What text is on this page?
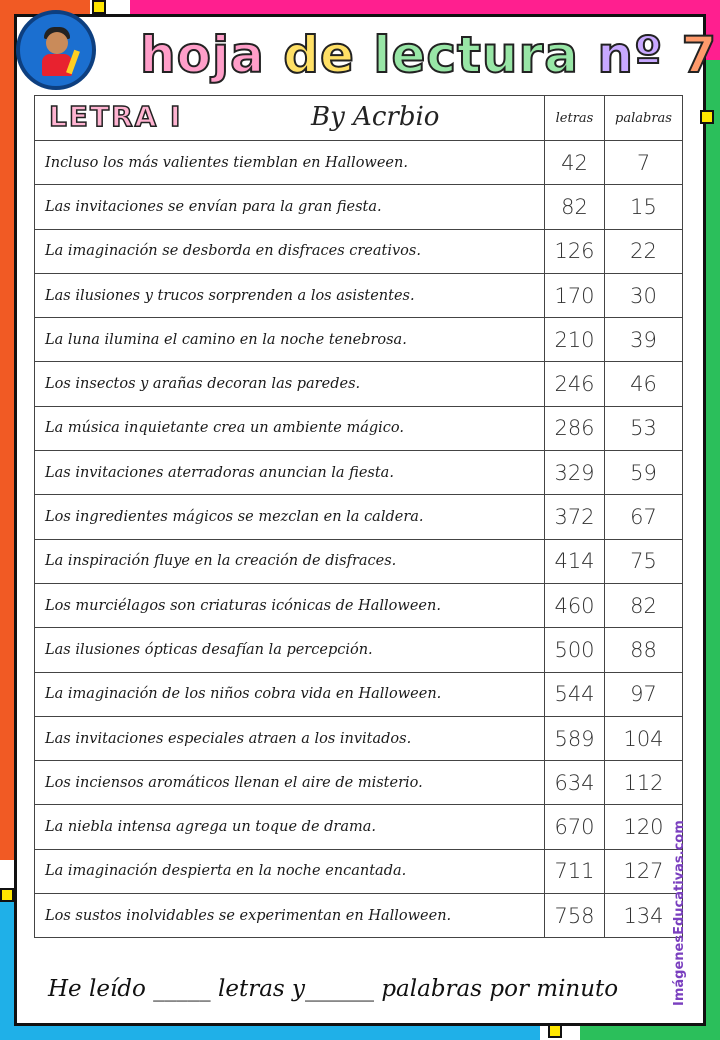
hoja de lectura nº 7
LETRA I By Acrbio	letras	palabras
Incluso los más valientes tiemblan en Halloween.	42	7
Las invitaciones se envían para la gran fiesta.	82	15
La imaginación se desborda en disfraces creativos.	126	22
Las ilusiones y trucos sorprenden a los asistentes.	170	30
La luna ilumina el camino en la noche tenebrosa.	210	39
Los insectos y arañas decoran las paredes.	246	46
La música inquietante crea un ambiente mágico.	286	53
Las invitaciones aterradoras anuncian la fiesta.	329	59
Los ingredientes mágicos se mezclan en la caldera.	372	67
La inspiración fluye en la creación de disfraces.	414	75
Los murciélagos son criaturas icónicas de Halloween.	460	82
Las ilusiones ópticas desafían la percepción.	500	88
La imaginación de los niños cobra vida en Halloween.	544	97
Las invitaciones especiales atraen a los invitados.	589	104
Los inciensos aromáticos llenan el aire de misterio.	634	112
La niebla intensa agrega un toque de drama.	670	120
La imaginación despierta en la noche encantada.	711	127
Los sustos inolvidables se experimentan en Halloween.	758	134
He leído _____ letras y______ palabras por minuto	ImágenesEducativas.com
